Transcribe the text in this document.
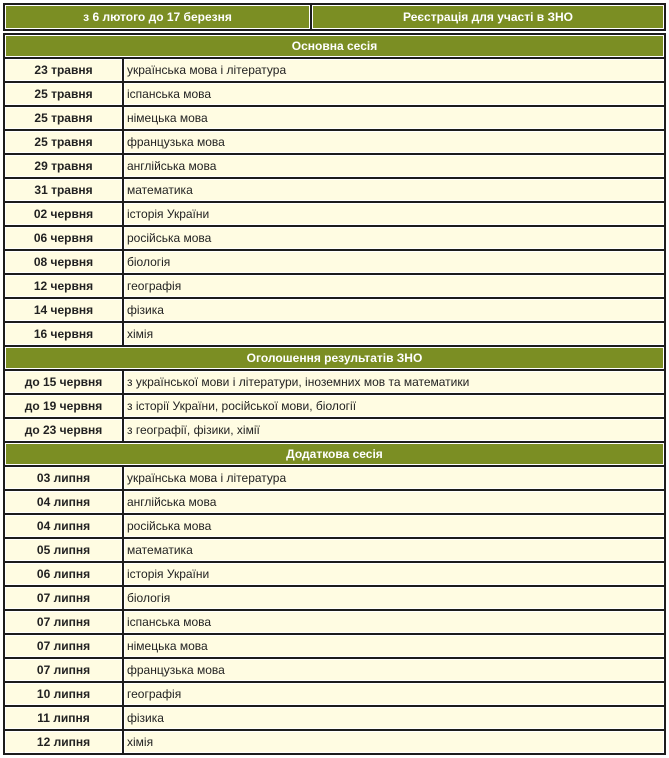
з 6 лютого до 17 березня	Реєстрація для участі в ЗНО
Основна сесія	
23 травня	українська мова і література
25 травня	іспанська мова
25 травня	німецька мова
25 травня	французька мова
29 травня	англійська мова
31 травня	математика
02 червня	історія України
06 червня	російська мова
08 червня	біологія
12 червня	географія
14 червня	фізика
16 червня	хімія
Оголошення результатів ЗНО	
до 15 червня	з української мови і літератури, іноземних мов та математики
до 19 червня	з історії України, російської мови, біології
до 23 червня	з географії, фізики, хімії
Додаткова сесія	
03 липня	українська мова і література
04 липня	англійська мова
04 липня	російська мова
05 липня	математика
06 липня	історія України
07 липня	біологія
07 липня	іспанська мова
07 липня	німецька мова
07 липня	французька мова
10 липня	географія
11 липня	фізика
12 липня	хімія
